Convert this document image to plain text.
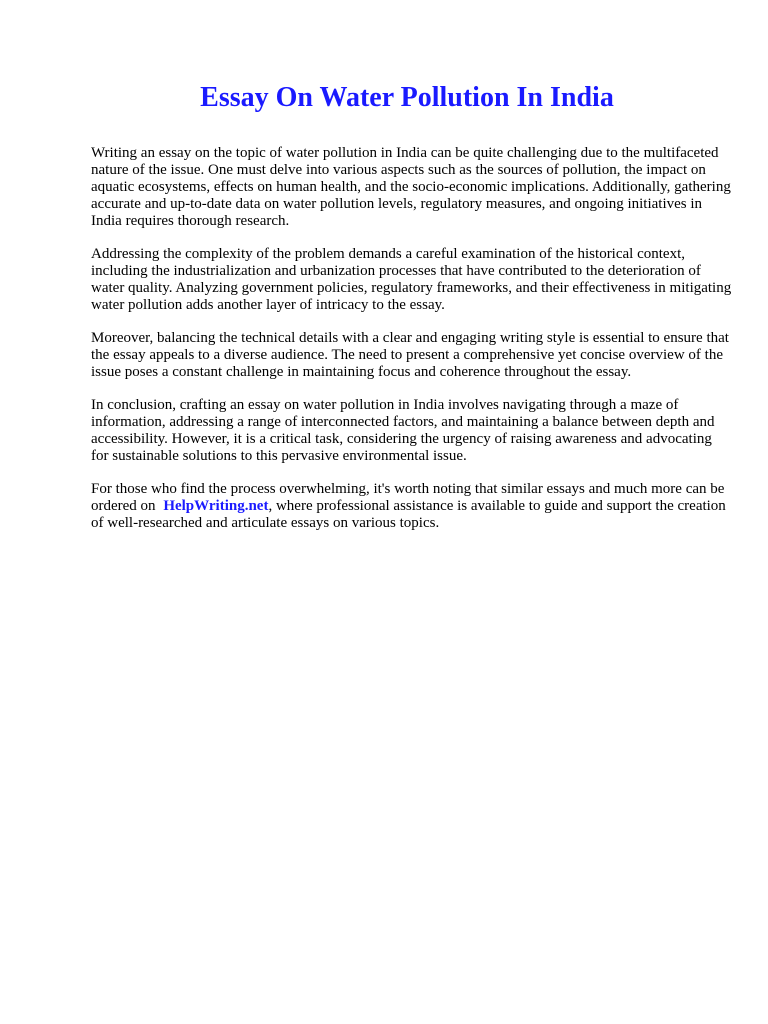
Essay On Water Pollution In India

Writing an essay on the topic of water pollution in India can be quite challenging due to the multifaceted nature of the issue. One must delve into various aspects such as the sources of pollution, the impact on aquatic ecosystems, effects on human health, and the socio-economic implications. Additionally, gathering accurate and up-to-date data on water pollution levels, regulatory measures, and ongoing initiatives in India requires thorough research.

Addressing the complexity of the problem demands a careful examination of the historical context, including the industrialization and urbanization processes that have contributed to the deterioration of water quality. Analyzing government policies, regulatory frameworks, and their effectiveness in mitigating water pollution adds another layer of intricacy to the essay.

Moreover, balancing the technical details with a clear and engaging writing style is essential to ensure that the essay appeals to a diverse audience. The need to present a comprehensive yet concise overview of the issue poses a constant challenge in maintaining focus and coherence throughout the essay.

In conclusion, crafting an essay on water pollution in India involves navigating through a maze of information, addressing a range of interconnected factors, and maintaining a balance between depth and accessibility. However, it is a critical task, considering the urgency of raising awareness and advocating for sustainable solutions to this pervasive environmental issue.

For those who find the process overwhelming, it's worth noting that similar essays and much more can be ordered on HelpWriting.net, where professional assistance is available to guide and support the creation of well-researched and articulate essays on various topics.
